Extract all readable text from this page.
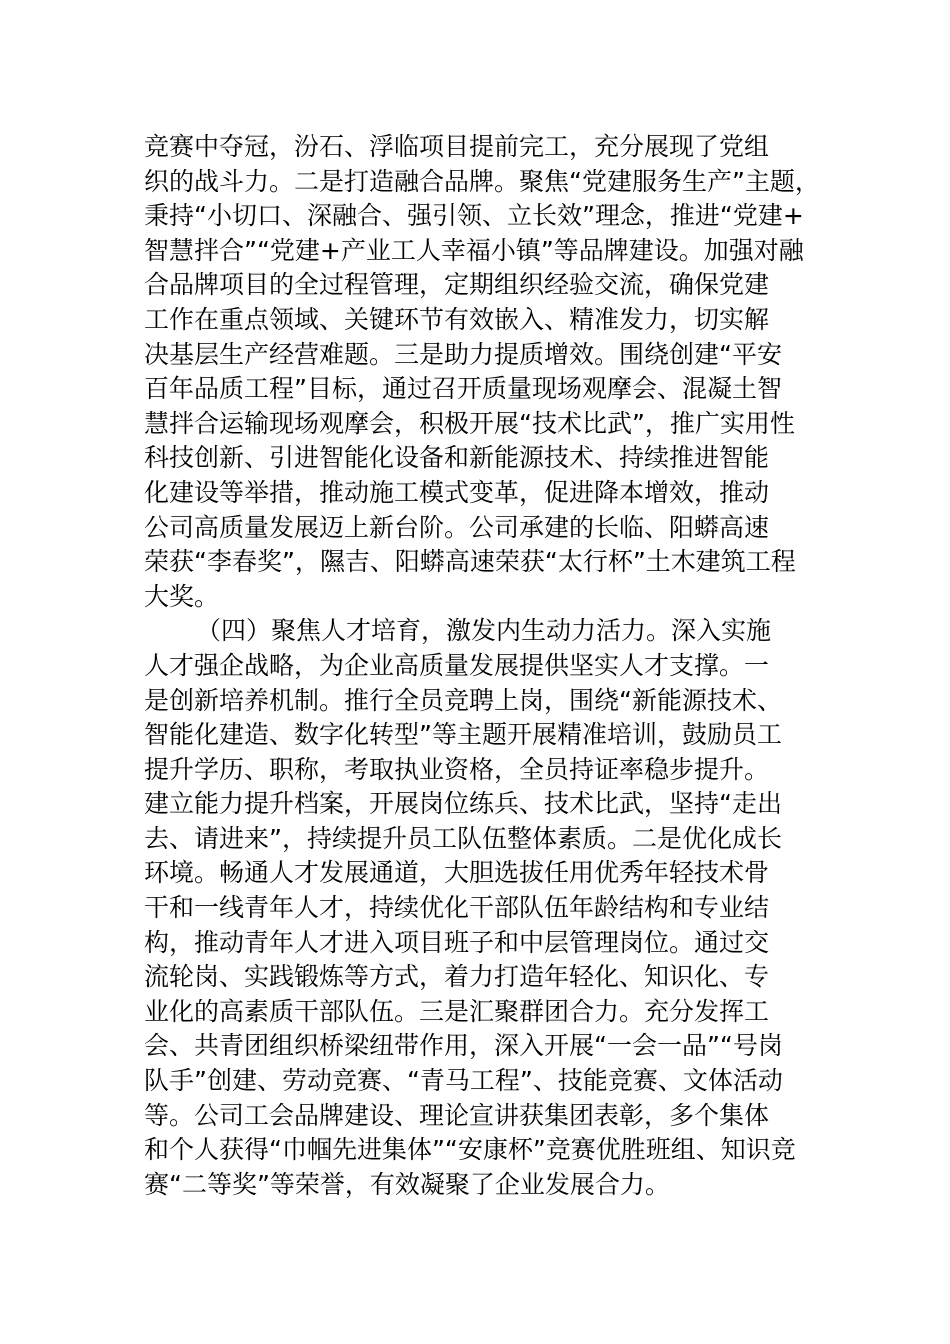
竞赛中夺冠，汾石、浮临项目提前完工，充分展现了党组
织的战斗力。二是打造融合品牌。聚焦“党建服务生产”主题，
秉持“小切口、深融合、强引领、立长效”理念，推进“党建+
智慧拌合”“党建+产业工人幸福小镇”等品牌建设。加强对融
合品牌项目的全过程管理，定期组织经验交流，确保党建
工作在重点领域、关键环节有效嵌入、精准发力，切实解
决基层生产经营难题。三是助力提质增效。围绕创建“平安
百年品质工程”目标，通过召开质量现场观摩会、混凝土智
慧拌合运输现场观摩会，积极开展“技术比武”，推广实用性
科技创新、引进智能化设备和新能源技术、持续推进智能
化建设等举措，推动施工模式变革，促进降本增效，推动
公司高质量发展迈上新台阶。公司承建的长临、阳蟒高速
荣获“李春奖”，隰吉、阳蟒高速荣获“太行杯”土木建筑工程
大奖。
（四）聚焦人才培育，激发内生动力活力。深入实施
人才强企战略，为企业高质量发展提供坚实人才支撑。一
是创新培养机制。推行全员竞聘上岗，围绕“新能源技术、
智能化建造、数字化转型”等主题开展精准培训，鼓励员工
提升学历、职称，考取执业资格，全员持证率稳步提升。
建立能力提升档案，开展岗位练兵、技术比武，坚持“走出
去、请进来”，持续提升员工队伍整体素质。二是优化成长
环境。畅通人才发展通道，大胆选拔任用优秀年轻技术骨
干和一线青年人才，持续优化干部队伍年龄结构和专业结
构，推动青年人才进入项目班子和中层管理岗位。通过交
流轮岗、实践锻炼等方式，着力打造年轻化、知识化、专
业化的高素质干部队伍。三是汇聚群团合力。充分发挥工
会、共青团组织桥梁纽带作用，深入开展“一会一品”“号岗
队手”创建、劳动竞赛、“青马工程”、技能竞赛、文体活动
等。公司工会品牌建设、理论宣讲获集团表彰，多个集体
和个人获得“巾帼先进集体”“安康杯”竞赛优胜班组、知识竞
赛“二等奖”等荣誉，有效凝聚了企业发展合力。
